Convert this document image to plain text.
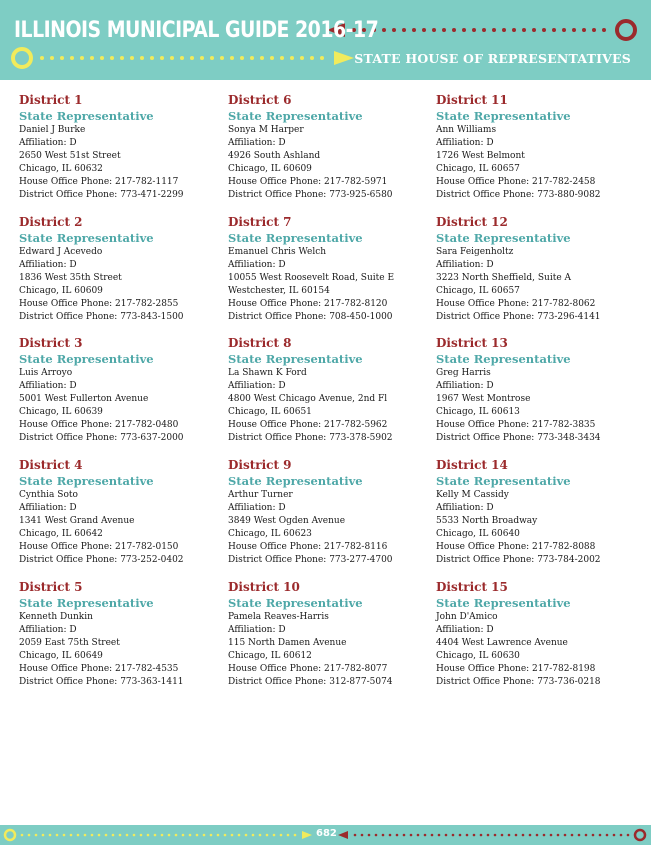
ILLINOIS MUNICIPAL GUIDE 2016-17
STATE HOUSE OF REPRESENTATIVES
District 1
State Representative
Daniel J Burke
Affiliation: D
2650 West 51st Street
Chicago, IL 60632
House Office Phone: 217-782-1117
District Office Phone: 773-471-2299
District 2
State Representative
Edward J Acevedo
Affiliation: D
1836 West 35th Street
Chicago, IL 60609
House Office Phone: 217-782-2855
District Office Phone: 773-843-1500
District 3
State Representative
Luis Arroyo
Affiliation: D
5001 West Fullerton Avenue
Chicago, IL 60639
House Office Phone: 217-782-0480
District Office Phone: 773-637-2000
District 4
State Representative
Cynthia Soto
Affiliation: D
1341 West Grand Avenue
Chicago, IL 60642
House Office Phone: 217-782-0150
District Office Phone: 773-252-0402
District 5
State Representative
Kenneth Dunkin
Affiliation: D
2059 East 75th Street
Chicago, IL 60649
House Office Phone: 217-782-4535
District Office Phone: 773-363-1411
District 6
State Representative
Sonya M Harper
Affiliation: D
4926 South Ashland
Chicago, IL 60609
House Office Phone: 217-782-5971
District Office Phone: 773-925-6580
District 7
State Representative
Emanuel Chris Welch
Affiliation: D
10055 West Roosevelt Road, Suite E
Westchester, IL 60154
House Office Phone: 217-782-8120
District Office Phone: 708-450-1000
District 8
State Representative
La Shawn K Ford
Affiliation: D
4800 West Chicago Avenue, 2nd Fl
Chicago, IL 60651
House Office Phone: 217-782-5962
District Office Phone: 773-378-5902
District 9
State Representative
Arthur Turner
Affiliation: D
3849 West Ogden Avenue
Chicago, IL 60623
House Office Phone: 217-782-8116
District Office Phone: 773-277-4700
District 10
State Representative
Pamela Reaves-Harris
Affiliation: D
115 North Damen Avenue
Chicago, IL 60612
House Office Phone: 217-782-8077
District Office Phone: 312-877-5074
District 11
State Representative
Ann Williams
Affiliation: D
1726 West Belmont
Chicago, IL 60657
House Office Phone: 217-782-2458
District Office Phone: 773-880-9082
District 12
State Representative
Sara Feigenholtz
Affiliation: D
3223 North Sheffield, Suite A
Chicago, IL 60657
House Office Phone: 217-782-8062
District Office Phone: 773-296-4141
District 13
State Representative
Greg Harris
Affiliation: D
1967 West Montrose
Chicago, IL 60613
House Office Phone: 217-782-3835
District Office Phone: 773-348-3434
District 14
State Representative
Kelly M Cassidy
Affiliation: D
5533 North Broadway
Chicago, IL 60640
House Office Phone: 217-782-8088
District Office Phone: 773-784-2002
District 15
State Representative
John D'Amico
Affiliation: D
4404 West Lawrence Avenue
Chicago, IL 60630
House Office Phone: 217-782-8198
District Office Phone: 773-736-0218
682
